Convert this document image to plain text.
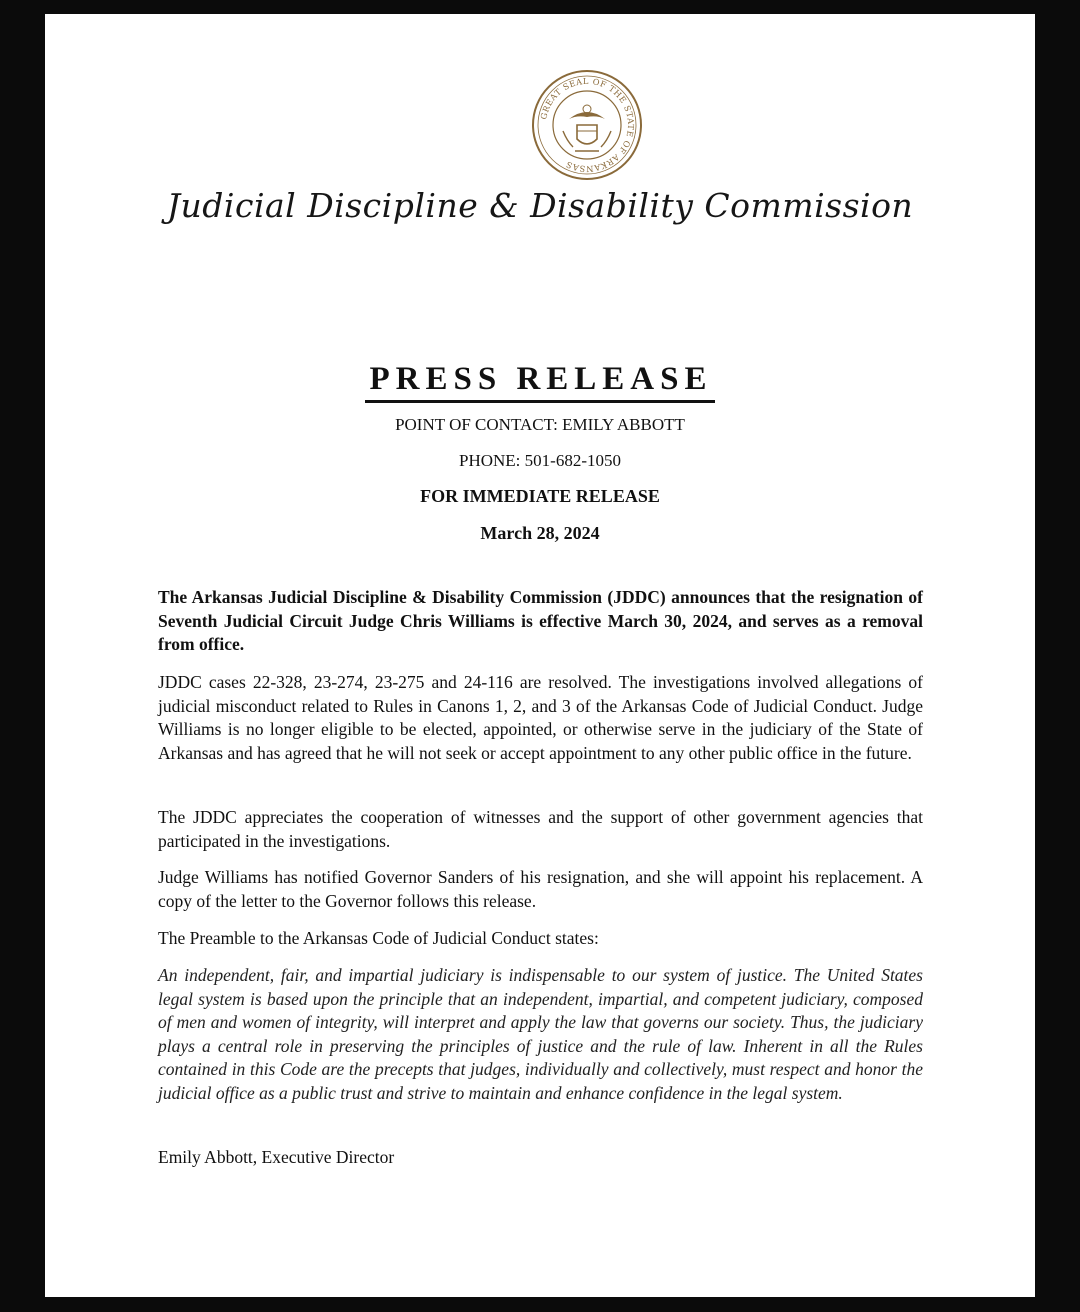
GREAT SEAL OF THE STATE OF ARKANSAS
Judicial Discipline & Disability Commission
PRESS RELEASE
POINT OF CONTACT: EMILY ABBOTT
PHONE: 501-682-1050
FOR IMMEDIATE RELEASE
March 28, 2024

The Arkansas Judicial Discipline & Disability Commission (JDDC) announces that the resignation of Seventh Judicial Circuit Judge Chris Williams is effective March 30, 2024, and serves as a removal from office.

JDDC cases 22-328, 23-274, 23-275 and 24-116 are resolved. The investigations involved allegations of judicial misconduct related to Rules in Canons 1, 2, and 3 of the Arkansas Code of Judicial Conduct. Judge Williams is no longer eligible to be elected, appointed, or otherwise serve in the judiciary of the State of Arkansas and has agreed that he will not seek or accept appointment to any other public office in the future.

The JDDC appreciates the cooperation of witnesses and the support of other government agencies that participated in the investigations.

Judge Williams has notified Governor Sanders of his resignation, and she will appoint his replacement. A copy of the letter to the Governor follows this release.

The Preamble to the Arkansas Code of Judicial Conduct states:

An independent, fair, and impartial judiciary is indispensable to our system of justice. The United States legal system is based upon the principle that an independent, impartial, and competent judiciary, composed of men and women of integrity, will interpret and apply the law that governs our society. Thus, the judiciary plays a central role in preserving the principles of justice and the rule of law. Inherent in all the Rules contained in this Code are the precepts that judges, individually and collectively, must respect and honor the judicial office as a public trust and strive to maintain and enhance confidence in the legal system.

Emily Abbott, Executive Director
